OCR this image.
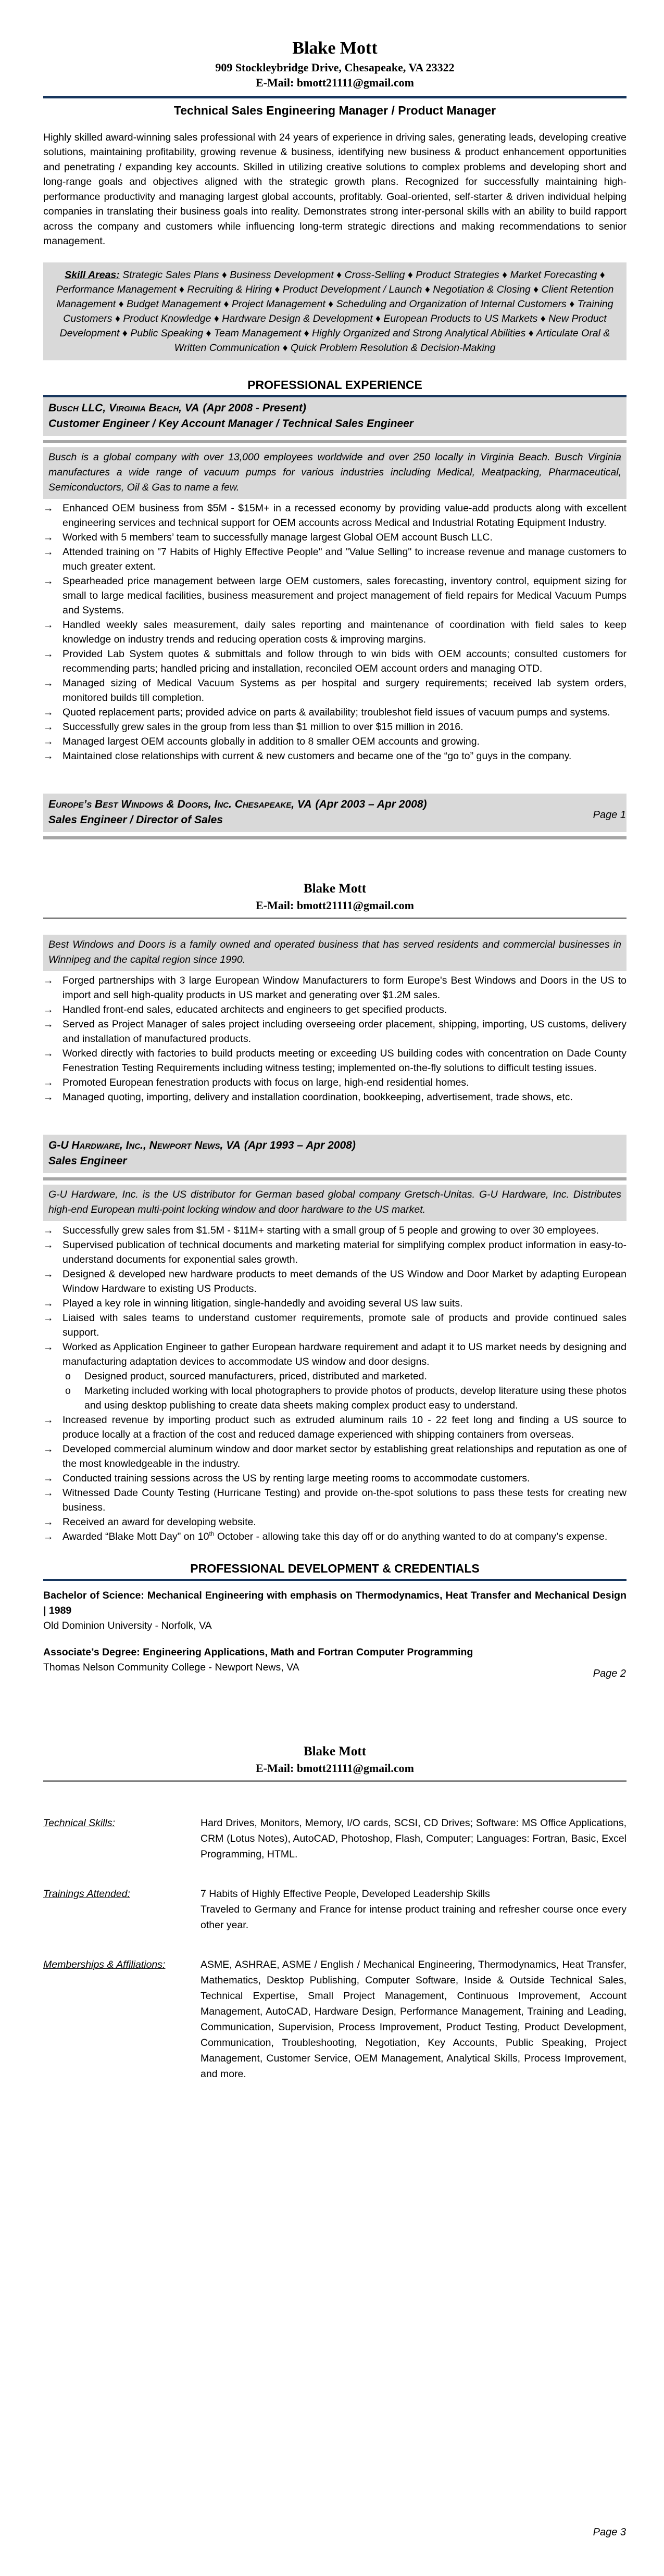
Blake Mott
909 Stockleybridge Drive, Chesapeake, VA 23322
E-Mail: bmott21111@gmail.com
Technical Sales Engineering Manager / Product Manager
Highly skilled award-winning sales professional with 24 years of experience in driving sales, generating leads, developing creative solutions, maintaining profitability, growing revenue & business, identifying new business & product enhancement opportunities and penetrating / expanding key accounts. Skilled in utilizing creative solutions to complex problems and developing short and long-range goals and objectives aligned with the strategic growth plans. Recognized for successfully maintaining high-performance productivity and managing largest global accounts, profitably. Goal-oriented, self-starter & driven individual helping companies in translating their business goals into reality. Demonstrates strong inter-personal skills with an ability to build rapport across the company and customers while influencing long-term strategic directions and making recommendations to senior management.
Skill Areas: Strategic Sales Plans ♦ Business Development ♦ Cross-Selling ♦ Product Strategies ♦ Market Forecasting ♦ Performance Management ♦ Recruiting & Hiring ♦ Product Development / Launch ♦ Negotiation & Closing ♦ Client Retention Management ♦ Budget Management ♦ Project Management ♦ Scheduling and Organization of Internal Customers ♦ Training Customers ♦ Product Knowledge ♦ Hardware Design & Development ♦ European Products to US Markets ♦ New Product Development ♦ Public Speaking ♦ Team Management ♦ Highly Organized and Strong Analytical Abilities ♦ Articulate Oral & Written Communication ♦ Quick Problem Resolution & Decision-Making
PROFESSIONAL EXPERIENCE
Busch LLC, Virginia Beach, VA (Apr 2008 - Present)
Customer Engineer / Key Account Manager / Technical Sales Engineer
Busch is a global company with over 13,000 employees worldwide and over 250 locally in Virginia Beach. Busch Virginia manufactures a wide range of vacuum pumps for various industries including Medical, Meatpacking, Pharmaceutical, Semiconductors, Oil & Gas to name a few.
→ Enhanced OEM business from $5M - $15M+ in a recessed economy by providing value-add products along with excellent engineering services and technical support for OEM accounts across Medical and Industrial Rotating Equipment Industry.
→ Worked with 5 members’ team to successfully manage largest Global OEM account Busch LLC.
→ Attended training on "7 Habits of Highly Effective People" and "Value Selling" to increase revenue and manage customers to much greater extent.
→ Spearheaded price management between large OEM customers, sales forecasting, inventory control, equipment sizing for small to large medical facilities, business measurement and project management of field repairs for Medical Vacuum Pumps and Systems.
→ Handled weekly sales measurement, daily sales reporting and maintenance of coordination with field sales to keep knowledge on industry trends and reducing operation costs & improving margins.
→ Provided Lab System quotes & submittals and follow through to win bids with OEM accounts; consulted customers for recommending parts; handled pricing and installation, reconciled OEM account orders and managing OTD.
→ Managed sizing of Medical Vacuum Systems as per hospital and surgery requirements; received lab system orders, monitored builds till completion.
→ Quoted replacement parts; provided advice on parts & availability; troubleshot field issues of vacuum pumps and systems.
→ Successfully grew sales in the group from less than $1 million to over $15 million in 2016.
→ Managed largest OEM accounts globally in addition to 8 smaller OEM accounts and growing.
→ Maintained close relationships with current & new customers and became one of the “go to” guys in the company.
Europe’s Best Windows & Doors, Inc. Chesapeake, VA (Apr 2003 – Apr 2008)
Sales Engineer / Director of Sales	Page 1
Blake Mott
E-Mail: bmott21111@gmail.com
Best Windows and Doors is a family owned and operated business that has served residents and commercial businesses in Winnipeg and the capital region since 1990.
→ Forged partnerships with 3 large European Window Manufacturers to form Europe's Best Windows and Doors in the US to import and sell high-quality products in US market and generating over $1.2M sales.
→ Handled front-end sales, educated architects and engineers to get specified products.
→ Served as Project Manager of sales project including overseeing order placement, shipping, importing, US customs, delivery and installation of manufactured products.
→ Worked directly with factories to build products meeting or exceeding US building codes with concentration on Dade County Fenestration Testing Requirements including witness testing; implemented on-the-fly solutions to difficult testing issues.
→ Promoted European fenestration products with focus on large, high-end residential homes.
→ Managed quoting, importing, delivery and installation coordination, bookkeeping, advertisement, trade shows, etc.
G-U Hardware, Inc., Newport News, VA (Apr 1993 – Apr 2008)
Sales Engineer
G-U Hardware, Inc. is the US distributor for German based global company Gretsch-Unitas. G-U Hardware, Inc. Distributes high-end European multi-point locking window and door hardware to the US market.
→ Successfully grew sales from $1.5M - $11M+ starting with a small group of 5 people and growing to over 30 employees.
→ Supervised publication of technical documents and marketing material for simplifying complex product information in easy-to-understand documents for exponential sales growth.
→ Designed & developed new hardware products to meet demands of the US Window and Door Market by adapting European Window Hardware to existing US Products.
→ Played a key role in winning litigation, single-handedly and avoiding several US law suits.
→ Liaised with sales teams to understand customer requirements, promote sale of products and provide continued sales support.
→ Worked as Application Engineer to gather European hardware requirement and adapt it to US market needs by designing and manufacturing adaptation devices to accommodate US window and door designs.
o	Designed product, sourced manufacturers, priced, distributed and marketed.
o	Marketing included working with local photographers to provide photos of products, develop literature using these photos and using desktop publishing to create data sheets making complex product easy to understand.
→ Increased revenue by importing product such as extruded aluminum rails 10 - 22 feet long and finding a US source to produce locally at a fraction of the cost and reduced damage experienced with shipping containers from overseas.
→ Developed commercial aluminum window and door market sector by establishing great relationships and reputation as one of the most knowledgeable in the industry.
→ Conducted training sessions across the US by renting large meeting rooms to accommodate customers.
→ Witnessed Dade County Testing (Hurricane Testing) and provide on-the-spot solutions to pass these tests for creating new business.
→ Received an award for developing website.
→ Awarded “Blake Mott Day” on 10th October - allowing take this day off or do anything wanted to do at company’s expense.
PROFESSIONAL DEVELOPMENT & CREDENTIALS
Bachelor of Science: Mechanical Engineering with emphasis on Thermodynamics, Heat Transfer and Mechanical Design | 1989
Old Dominion University - Norfolk, VA
Associate’s Degree: Engineering Applications, Math and Fortran Computer Programming
Thomas Nelson Community College - Newport News, VA
Page 2
Blake Mott
E-Mail: bmott21111@gmail.com
Technical Skills:	Hard Drives, Monitors, Memory, I/O cards, SCSI, CD Drives; Software: MS Office Applications, CRM (Lotus Notes), AutoCAD, Photoshop, Flash, Computer; Languages: Fortran, Basic, Excel Programming, HTML.
Trainings Attended:	7 Habits of Highly Effective People, Developed Leadership Skills
Traveled to Germany and France for intense product training and refresher course once every other year.
Memberships & Affiliations:	ASME, ASHRAE, ASME / English / Mechanical Engineering, Thermodynamics, Heat Transfer, Mathematics, Desktop Publishing, Computer Software, Inside & Outside Technical Sales, Technical Expertise, Small Project Management, Continuous Improvement, Account Management, AutoCAD, Hardware Design, Performance Management, Training and Leading, Communication, Supervision, Process Improvement, Product Testing, Product Development, Communication, Troubleshooting, Negotiation, Key Accounts, Public Speaking, Project Management, Customer Service, OEM Management, Analytical Skills, Process Improvement, and more.
Page 3
